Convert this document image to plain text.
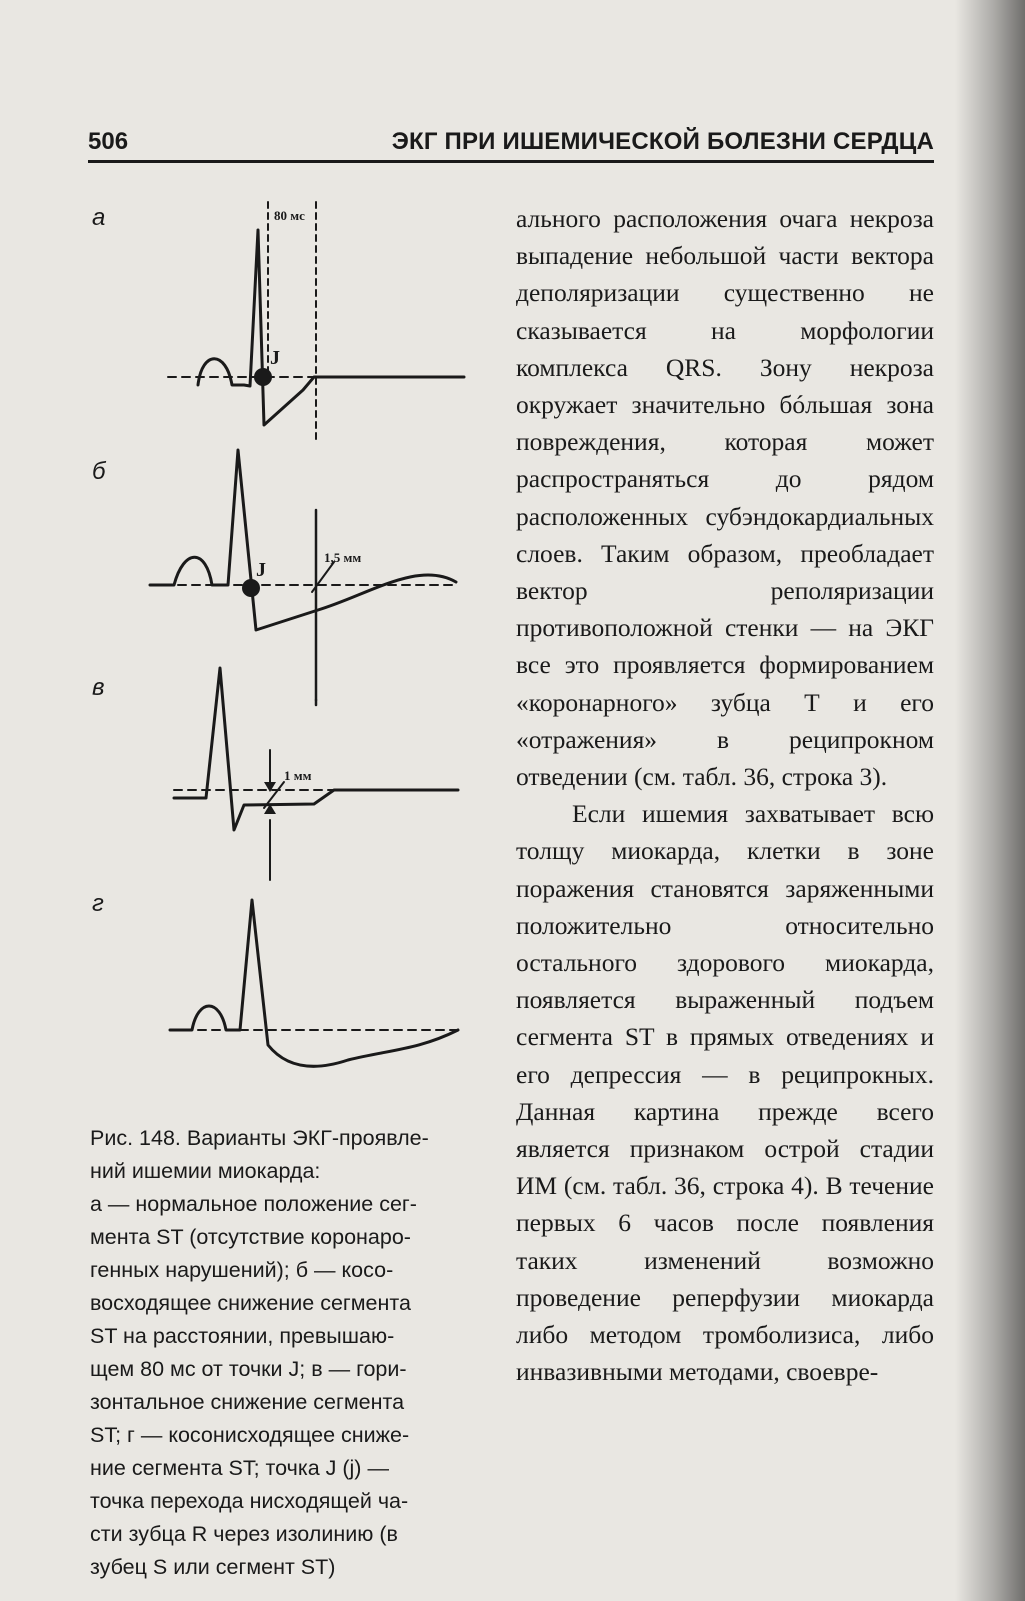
506	ЭКГ ПРИ ИШЕМИЧЕСКОЙ БОЛЕЗНИ СЕРДЦА
а
б
в
г
80 мс
J
J
1,5 мм
1 мм

Рис. 148. Варианты ЭКГ-проявле-

ний ишемии миокарда:

а — нормальное положение сег-

мента ST (отсутствие коронаро-

генных нарушений); б — косо-

восходящее снижение сегмента

ST на расстоянии, превышаю-

щем 80 мс от точки J; в — гори-

зонтальное снижение сегмента

ST; г — косонисходящее сниже-

ние сегмента ST; точка J (j) —

точка перехода нисходящей ча-

сти зубца R через изолинию (в

зубец S или сегмент ST)

ального расположения очага некроза выпадение небольшой части вектора деполяризации существенно не сказывается на морфологии комплекса QRS. Зону некроза окружает значительно бóльшая зона повреждения, которая может распространяться до рядом расположенных субэндокардиальных слоев. Таким образом, преобладает вектор реполяризации противоположной стенки — на ЭКГ все это проявляется формированием «коронарного» зубца Т и его «отражения» в реципрокном отведении (см. табл. 36, строка 3).

Если ишемия захватывает всю толщу миокарда, клетки в зоне поражения становятся заряженными положительно относительно остального здорового миокарда, появляется выраженный подъем сегмента ST в прямых отведениях и его депрессия — в реципрокных. Данная картина прежде всего является признаком острой стадии ИМ (см. табл. 36, строка 4). В течение первых 6 часов после появления таких изменений возможно проведение реперфузии миокарда либо методом тромболизиса, либо инвазивными методами, своевре-
